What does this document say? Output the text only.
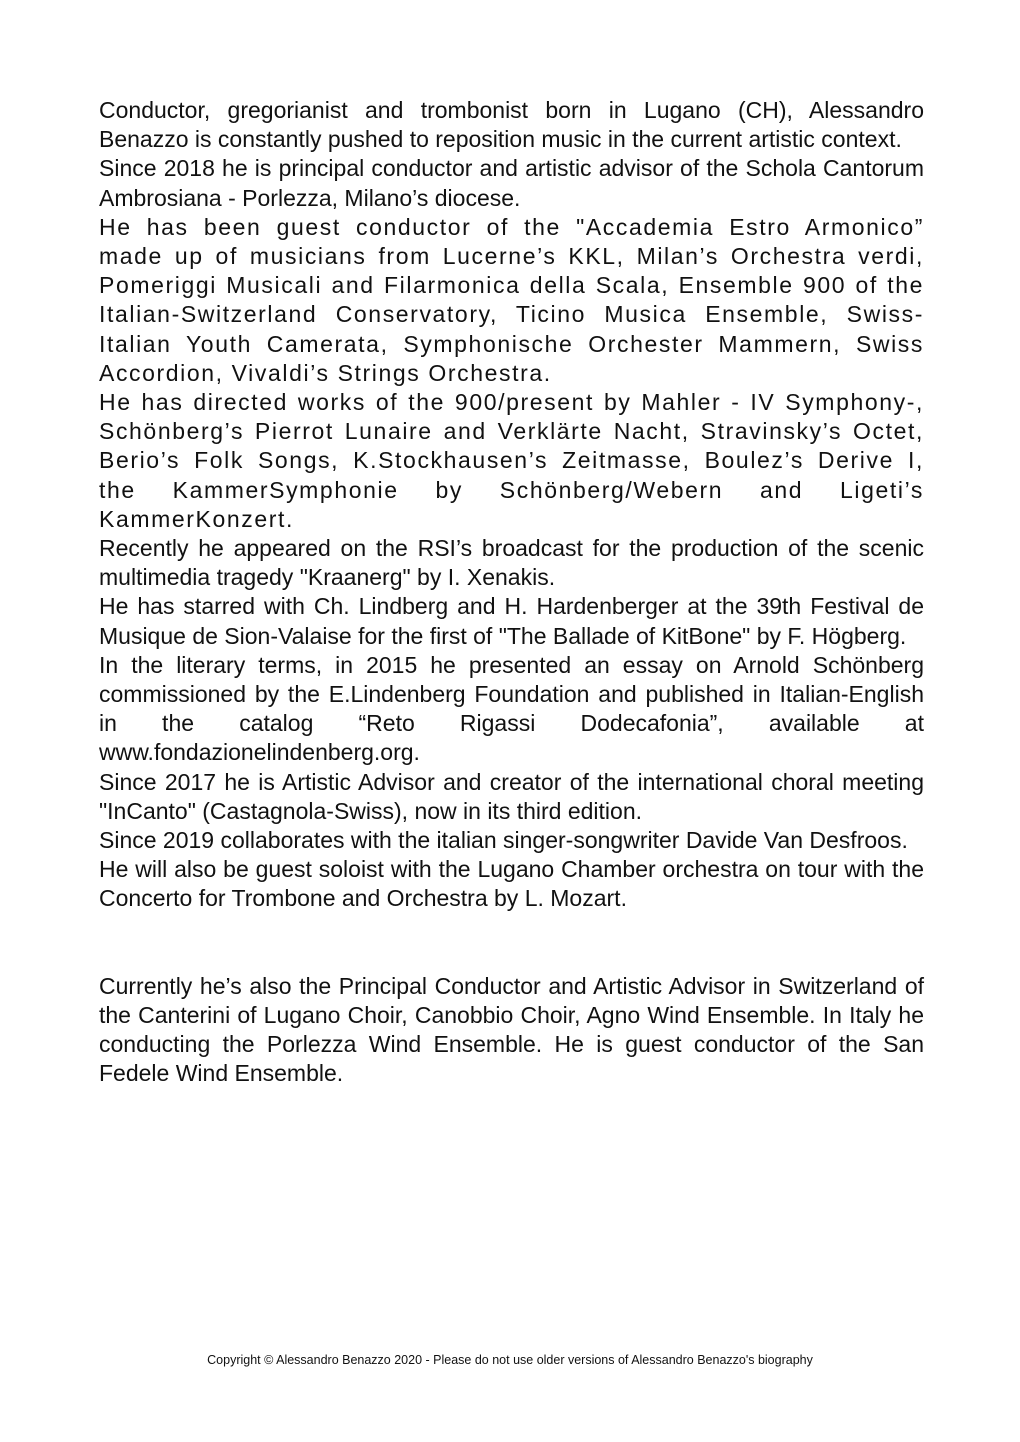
Conductor, gregorianist and trombonist born in Lugano (CH), Alessandro Benazzo is constantly pushed to reposition music in the current artistic context.

Since 2018 he is principal conductor and artistic advisor of the Schola Cantorum Ambrosiana - Porlezza, Milano’s diocese.

He has been guest conductor of the "Accademia Estro Armonico” made up of musicians from Lucerne’s KKL, Milan’s Orchestra verdi, Pomeriggi Musicali and Filarmonica della Scala, Ensemble 900 of the Italian-Switzerland Conservatory, Ticino Musica Ensemble, Swiss-Italian Youth Camerata, Symphonische Orchester Mammern, Swiss Accordion, Vivaldi’s Strings Orchestra.

He has directed works of the 900/present by Mahler - IV Symphony-, Schönberg’s Pierrot Lunaire and Verklärte Nacht, Stravinsky’s Octet, Berio’s Folk Songs, K.Stockhausen’s Zeitmasse, Boulez’s Derive I, the KammerSymphonie by Schönberg/Webern and Ligeti’s KammerKonzert.

Recently he appeared on the RSI’s broadcast for the production of the scenic multimedia tragedy "Kraanerg" by I. Xenakis.

He has starred with Ch. Lindberg and H. Hardenberger at the 39th Festival de Musique de Sion-Valaise for the first of "The Ballade of KitBone" by F. Högberg.

In the literary terms, in 2015 he presented an essay on Arnold Schönberg commissioned by the E.Lindenberg Foundation and published in Italian-English in the catalog “Reto Rigassi Dodecafonia”, available at www.fondazionelindenberg.org.

Since 2017 he is Artistic Advisor and creator of the international choral meeting "InCanto" (Castagnola-Swiss), now in its third edition.

Since 2019 collaborates with the italian singer-songwriter Davide Van Desfroos.

He will also be guest soloist with the Lugano Chamber orchestra on tour with the Concerto for Trombone and Orchestra by L. Mozart.

Currently he’s also the Principal Conductor and Artistic Advisor in Switzerland of the Canterini of Lugano Choir, Canobbio Choir, Agno Wind Ensemble. In Italy he conducting the Porlezza Wind Ensemble. He is guest conductor of the San Fedele Wind Ensemble.

Copyright © Alessandro Benazzo 2020 - Please do not use older versions of Alessandro Benazzo's biography
